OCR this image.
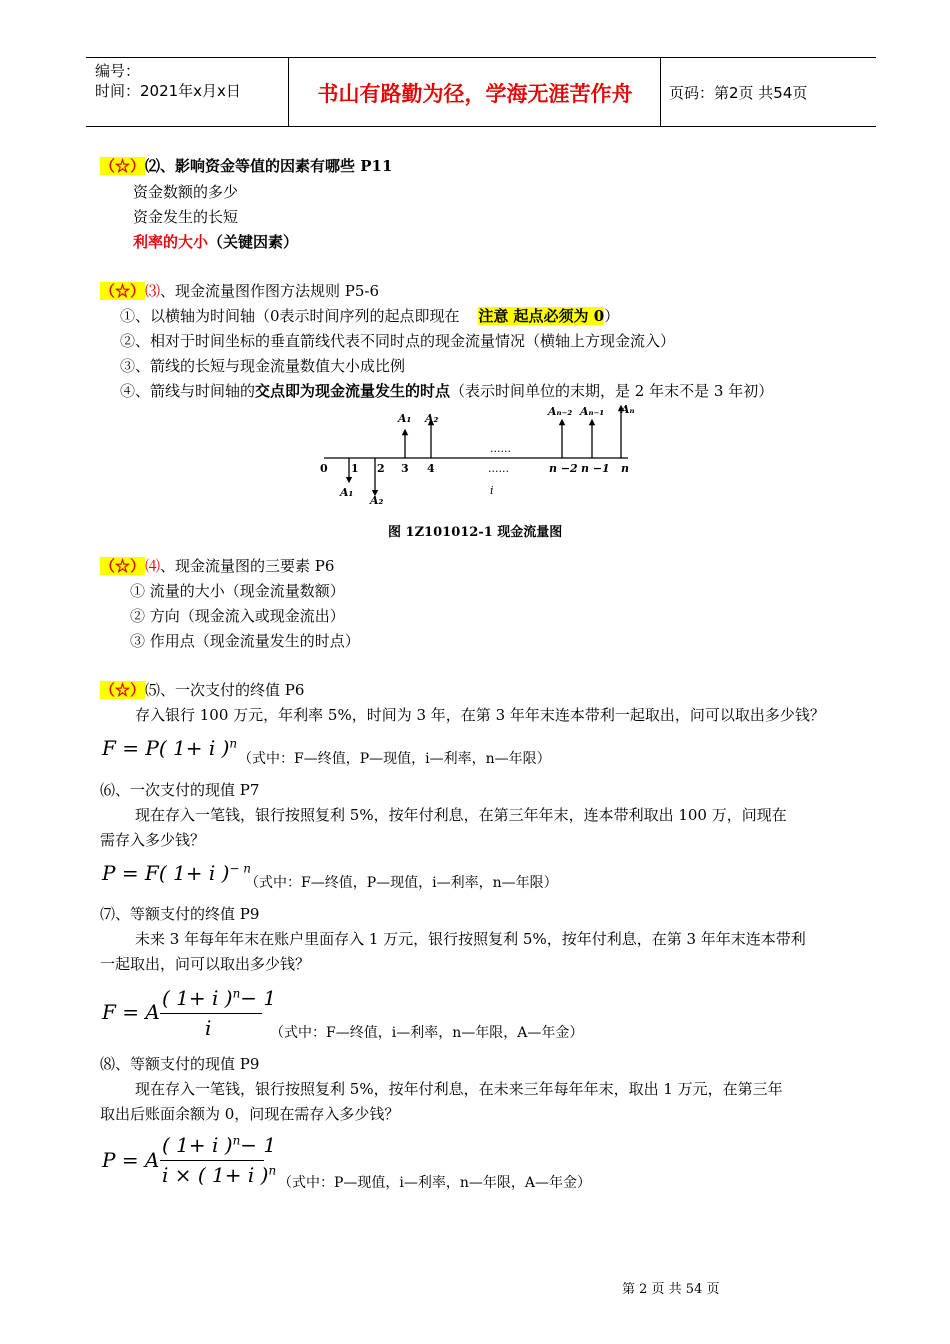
编号：
时间：2021年x月x日	书山有路勤为径，学海无涯苦作舟	页码：第2页 共54页
（☆）⑵、影响资金等值的因素有哪些 P11
资金数额的多少
资金发生的长短
利率的大小（关键因素）
（☆）⑶、现金流量图作图方法规则 P5-6
①、以横轴为时间轴（0表示时间序列的起点即现在 注意 起点必须为 0）
②、相对于时间坐标的垂直箭线代表不同时点的现金流量情况（横轴上方现金流入）
③、箭线的长短与现金流量数值大小成比例
④、箭线与时间轴的交点即为现金流量发生的时点（表示时间单位的末期，是 2 年末不是 3 年初）
0 1 2 3 4	......	n −2 n −1 n
A₁ A₂
Aₙ₋₂ Aₙ₋₁ Aₙ
......
A₁
A₂
i
图 1Z101012-1 现金流量图
（☆）⑷、现金流量图的三要素 P6
① 流量的大小（现金流量数额）
② 方向（现金流入或现金流出）
③ 作用点（现金流量发生的时点）
（☆）⑸、一次支付的终值 P6
存入银行 100 万元，年利率 5%，时间为 3 年，在第 3 年年末连本带利一起取出，问可以取出多少钱？
F = P( 1+ i )$^n$
（式中：F—终值，P—现值，i—利率，n—年限）
⑹、一次支付的现值 P7
现在存入一笔钱，银行按照复利 5%，按年付利息，在第三年年末，连本带利取出 100 万，问现在
需存入多少钱？
P = F( 1+ i )$^{- n}$
（式中：F—终值，P—现值，i—利率，n—年限）
⑺、等额支付的终值 P9
未来 3 年每年年末在账户里面存入 1 万元，银行按照复利 5%，按年付利息，在第 3 年年末连本带利
一起取出，问可以取出多少钱？
F = A
( 1+ i )$^n$− 1
i	（式中：F—终值，i—利率，n—年限，A—年金）
⑻、等额支付的现值 P9
现在存入一笔钱，银行按照复利 5%，按年付利息，在未来三年每年年末，取出 1 万元，在第三年
取出后账面余额为 0，问现在需存入多少钱？
P = A
( 1+ i )$^n$− 1
i × ( 1+ i )$^n$
（式中：P—现值，i—利率，n—年限，A—年金）
第 2 页 共 54 页
